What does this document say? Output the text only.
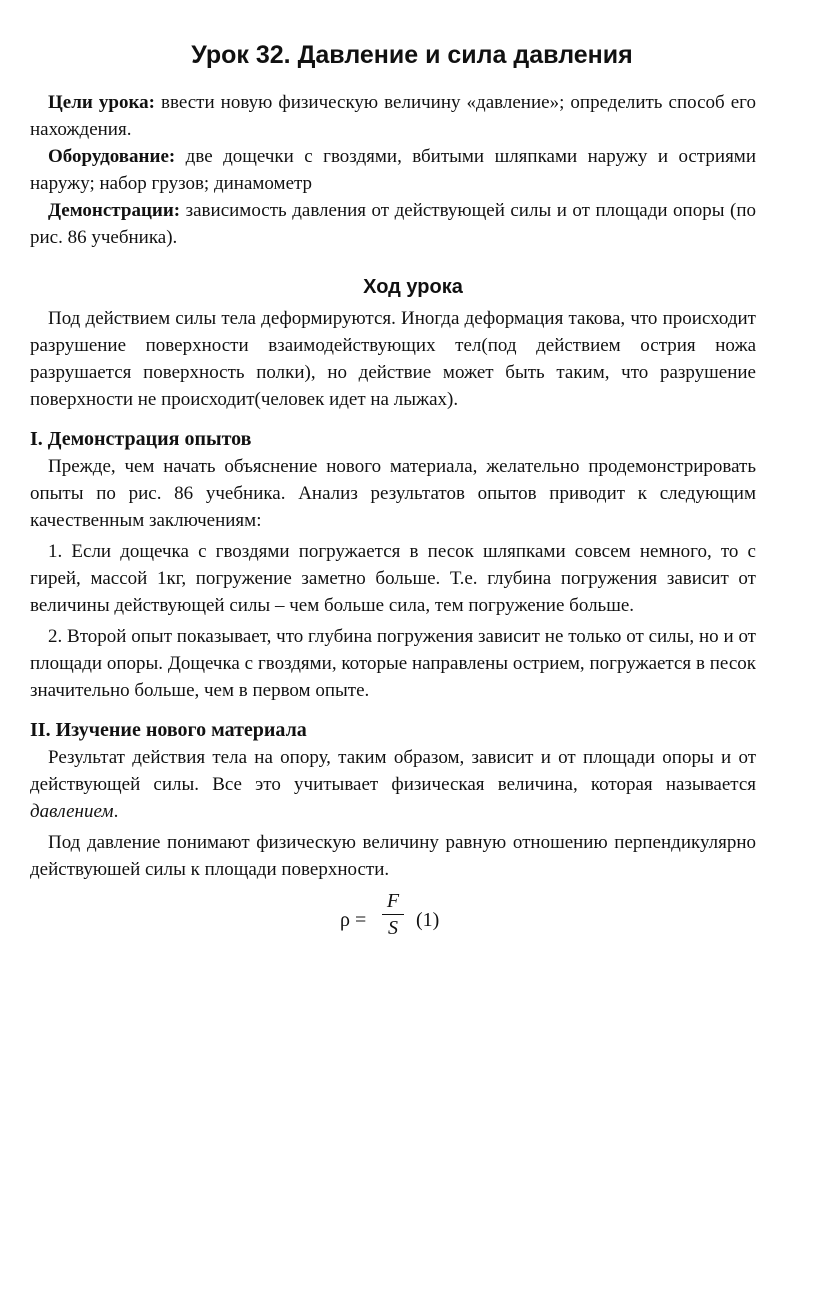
Урок 32. Давление и сила давления

Цели урока: ввести новую физическую величину «давление»; определить способ его нахождения.

Оборудование: две дощечки с гвоздями, вбитыми шляпками наружу и остриями наружу; набор грузов; динамометр

Демонстрации: зависимость давления от действующей силы и от площади опоры (по рис. 86 учебника).

Ход урока

Под действием силы тела деформируются. Иногда деформация такова, что происходит разрушение поверхности взаимодействующих тел(под действием острия ножа разрушается поверхность полки), но действие может быть таким, что разрушение поверхности не происходит(человек идет на лыжах).

I. Демонстрация опытов

Прежде, чем начать объяснение нового материала, желательно продемонстрировать опыты по рис. 86 учебника. Анализ результатов опытов приводит к следующим качественным заключениям:

1. Если дощечка с гвоздями погружается в песок шляпками совсем немного, то с гирей, массой 1кг, погружение заметно больше. Т.е. глубина погружения зависит от величины действующей силы – чем больше сила, тем погружение больше.

2. Второй опыт показывает, что глубина погружения зависит не только от силы, но и от площади опоры. Дощечка с гвоздями, которые направлены острием, погружается в песок значительно больше, чем в первом опыте.

II. Изучение нового материала

Результат действия тела на опору, таким образом, зависит и от площади опоры и от действующей силы. Все это учитывает физическая величина, которая называется давлением.

Под давление понимают физическую величину равную отношению перпендикулярно действуюшей силы к площади поверхности.

ρ =
F
S (1)
